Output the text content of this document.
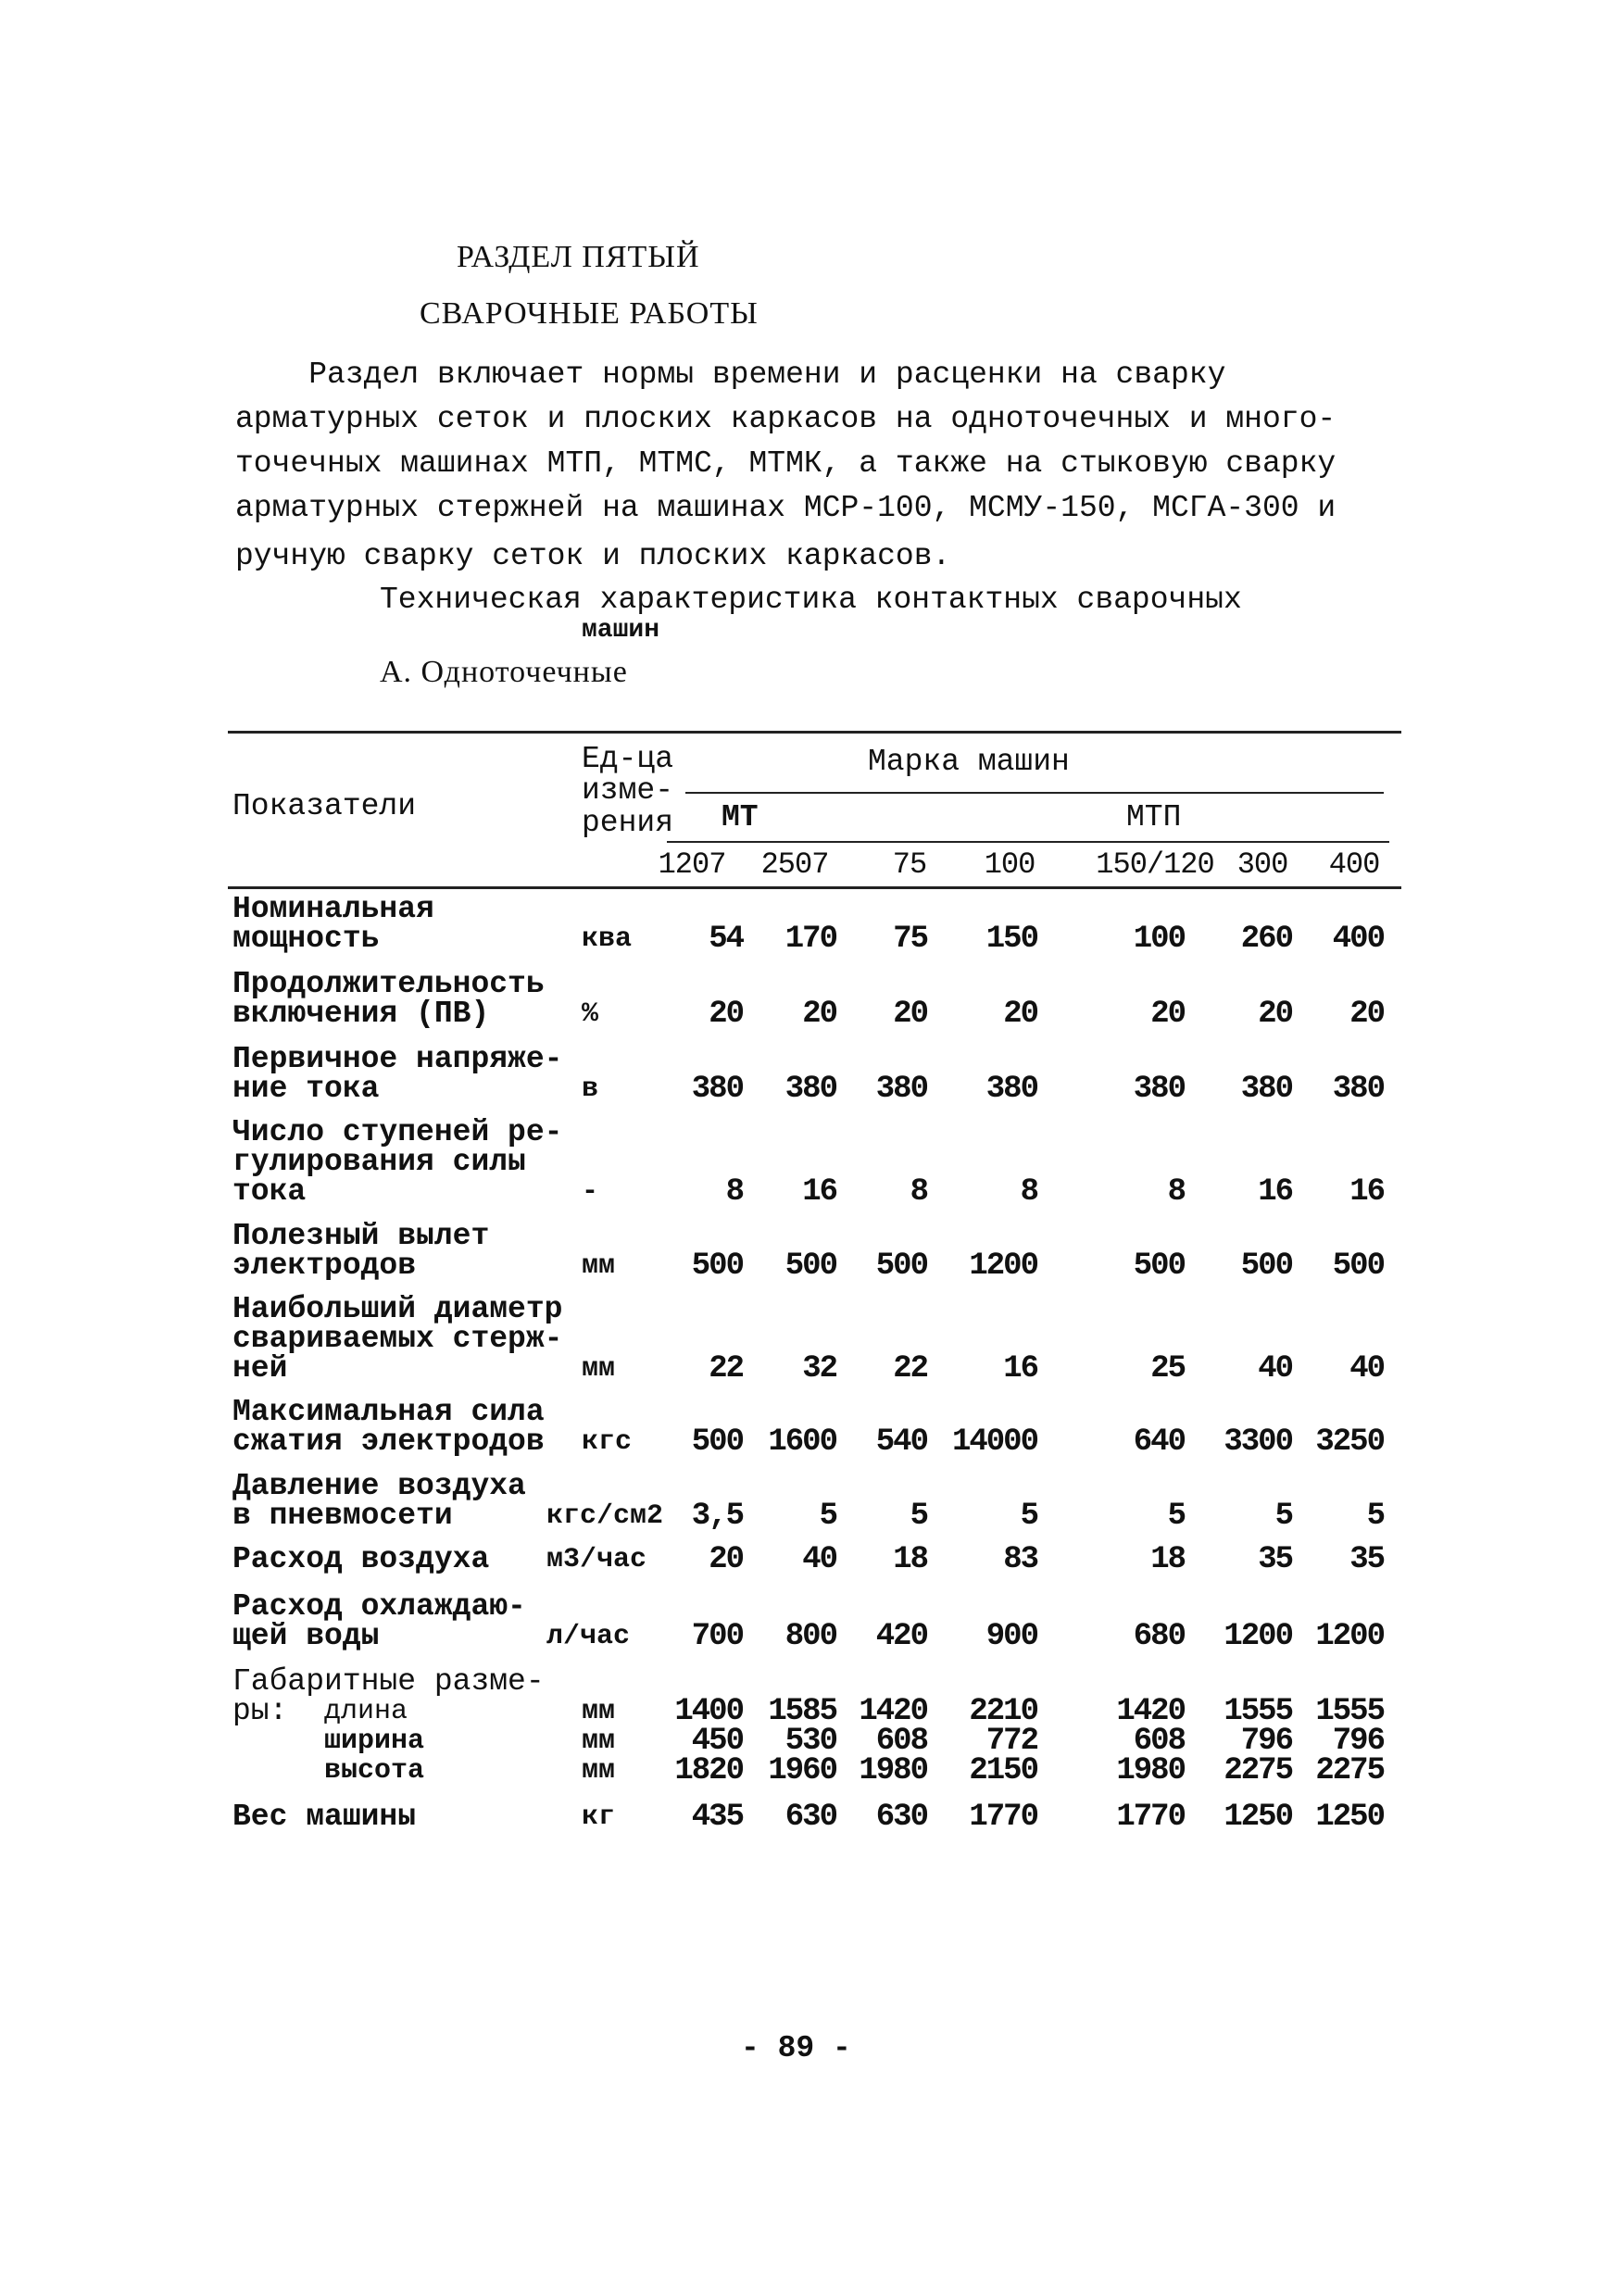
РАЗДЕЛ ПЯТЫЙ
СВАРОЧНЫЕ РАБОТЫ
Раздел включает нормы времени и расценки на сварку
арматурных сеток и плоских каркасов на одноточечных и много-
точечных машинах МТП, МТМС, МТМК, а также на стыковую сварку
арматурных стержней на машинах МСР-100, МСМУ-150, МСГА-300 и
ручную сварку сеток и плоских каркасов.
Техническая характеристика контактных сварочных
машин
А. Одноточечные
Показатели
Ед-ца
изме-
рения
Марка машин
МТ	МТП
1207 2507 75 100 150/120 300 400
Номинальная
мощность	ква 54 170 75 150	100 260 400
Продолжительность
включения (ПВ)	%	20 20 20 20	20 20 20
Первичное напряже-
ние тока	в	380 380 380 380	380 380 380
Число ступеней ре-
гулирования силы
тока	-	8 16 8	8	8 16 16
Полезный вылет
электродов	мм 500 500 500 1200	500 500 500
Наибольший диаметр
свариваемых стерж-
ней	мм	22 32 22 16	25 40 40
Максимальная сила
сжатия электродов кгс 500 1600 540 14000	640 3300 3250
Давление воздуха
в пневмосети	кгс/см2 3,5 5 5	5	5	5 5
Расход воздуха м3/час 20 40 18 83	18 35 35
Расход охлаждаю-
щей воды	л/час 700 800 420 900	680 1200 1200
Габаритные разме-
ры: длина	мм 1400 1585 1420 2210	1420 1555 1555
ширина	мм 450 530 608 772	608 796 796
высота	мм 1820 1960 1980 2150	1980 2275 2275
Вес машины	кг 435 630 630 1770	1770 1250 1250
- 89 -
